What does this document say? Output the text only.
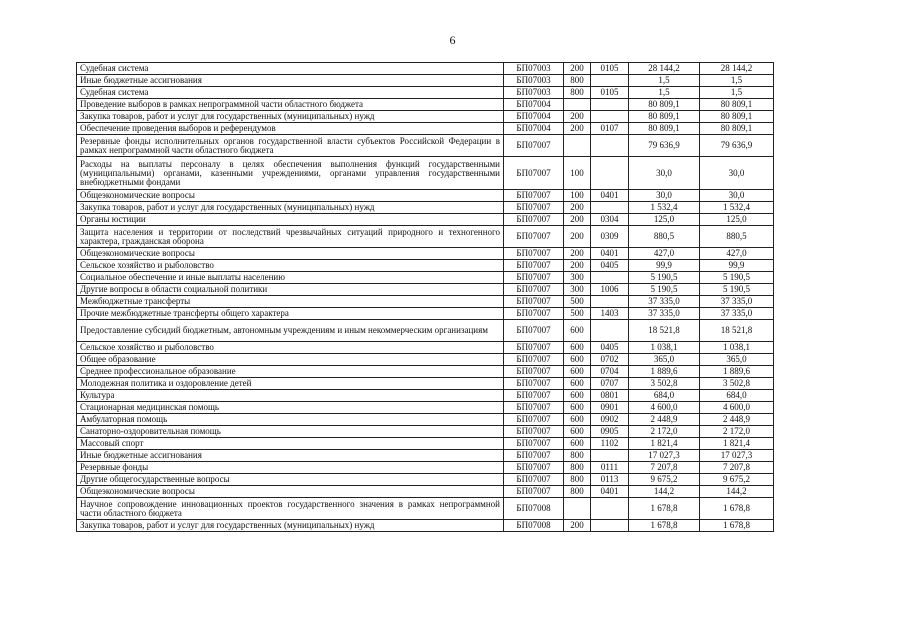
6
Судебная система	БП07003	200	0105	28 144,2	28 144,2
Иные бюджетные ассигнования	БП07003	800		1,5	1,5
Судебная система	БП07003	800	0105	1,5	1,5
Проведение выборов в рамках непрограммной части областного бюджета	БП07004			80 809,1	80 809,1
Закупка товаров, работ и услуг для государственных (муниципальных) нужд	БП07004	200		80 809,1	80 809,1
Обеспечение проведения выборов и референдумов	БП07004	200	0107	80 809,1	80 809,1
Резервные фонды исполнительных органов государственной власти субъектов Российской Федерации в рамках непрограммной части областного бюджета	БП07007			79 636,9	79 636,9
Расходы на выплаты персоналу в целях обеспечения выполнения функций государственными (муниципальными) органами, казенными учреждениями, органами управления государственными внебюджетными фондами	БП07007	100		30,0	30,0
Общеэкономические вопросы	БП07007	100	0401	30,0	30,0
Закупка товаров, работ и услуг для государственных (муниципальных) нужд	БП07007	200		1 532,4	1 532,4
Органы юстиции	БП07007	200	0304	125,0	125,0
Защита населения и территории от последствий чрезвычайных ситуаций природного и техногенного характера, гражданская оборона	БП07007	200	0309	880,5	880,5
Общеэкономические вопросы	БП07007	200	0401	427,0	427,0
Сельское хозяйство и рыболовство	БП07007	200	0405	99,9	99,9
Социальное обеспечение и иные выплаты населению	БП07007	300		5 190,5	5 190,5
Другие вопросы в области социальной политики	БП07007	300	1006	5 190,5	5 190,5
Межбюджетные трансферты	БП07007	500		37 335,0	37 335,0
Прочие межбюджетные трансферты общего характера	БП07007	500	1403	37 335,0	37 335,0
Предоставление субсидий бюджетным, автономным учреждениям и иным некоммерческим организациям	БП07007	600		18 521,8	18 521,8
Сельское хозяйство и рыболовство	БП07007	600	0405	1 038,1	1 038,1
Общее образование	БП07007	600	0702	365,0	365,0
Среднее профессиональное образование	БП07007	600	0704	1 889,6	1 889,6
Молодежная политика и оздоровление детей	БП07007	600	0707	3 502,8	3 502,8
Культура	БП07007	600	0801	684,0	684,0
Стационарная медицинская помощь	БП07007	600	0901	4 600,0	4 600,0
Амбулаторная помощь	БП07007	600	0902	2 448,9	2 448,9
Санаторно-оздоровительная помощь	БП07007	600	0905	2 172,0	2 172,0
Массовый спорт	БП07007	600	1102	1 821,4	1 821,4
Иные бюджетные ассигнования	БП07007	800		17 027,3	17 027,3
Резервные фонды	БП07007	800	0111	7 207,8	7 207,8
Другие общегосударственные вопросы	БП07007	800	0113	9 675,2	9 675,2
Общеэкономические вопросы	БП07007	800	0401	144,2	144,2
Научное сопровождение инновационных проектов государственного значения в рамках непрограммной части областного бюджета	БП07008			1 678,8	1 678,8
Закупка товаров, работ и услуг для государственных (муниципальных) нужд	БП07008	200		1 678,8	1 678,8
